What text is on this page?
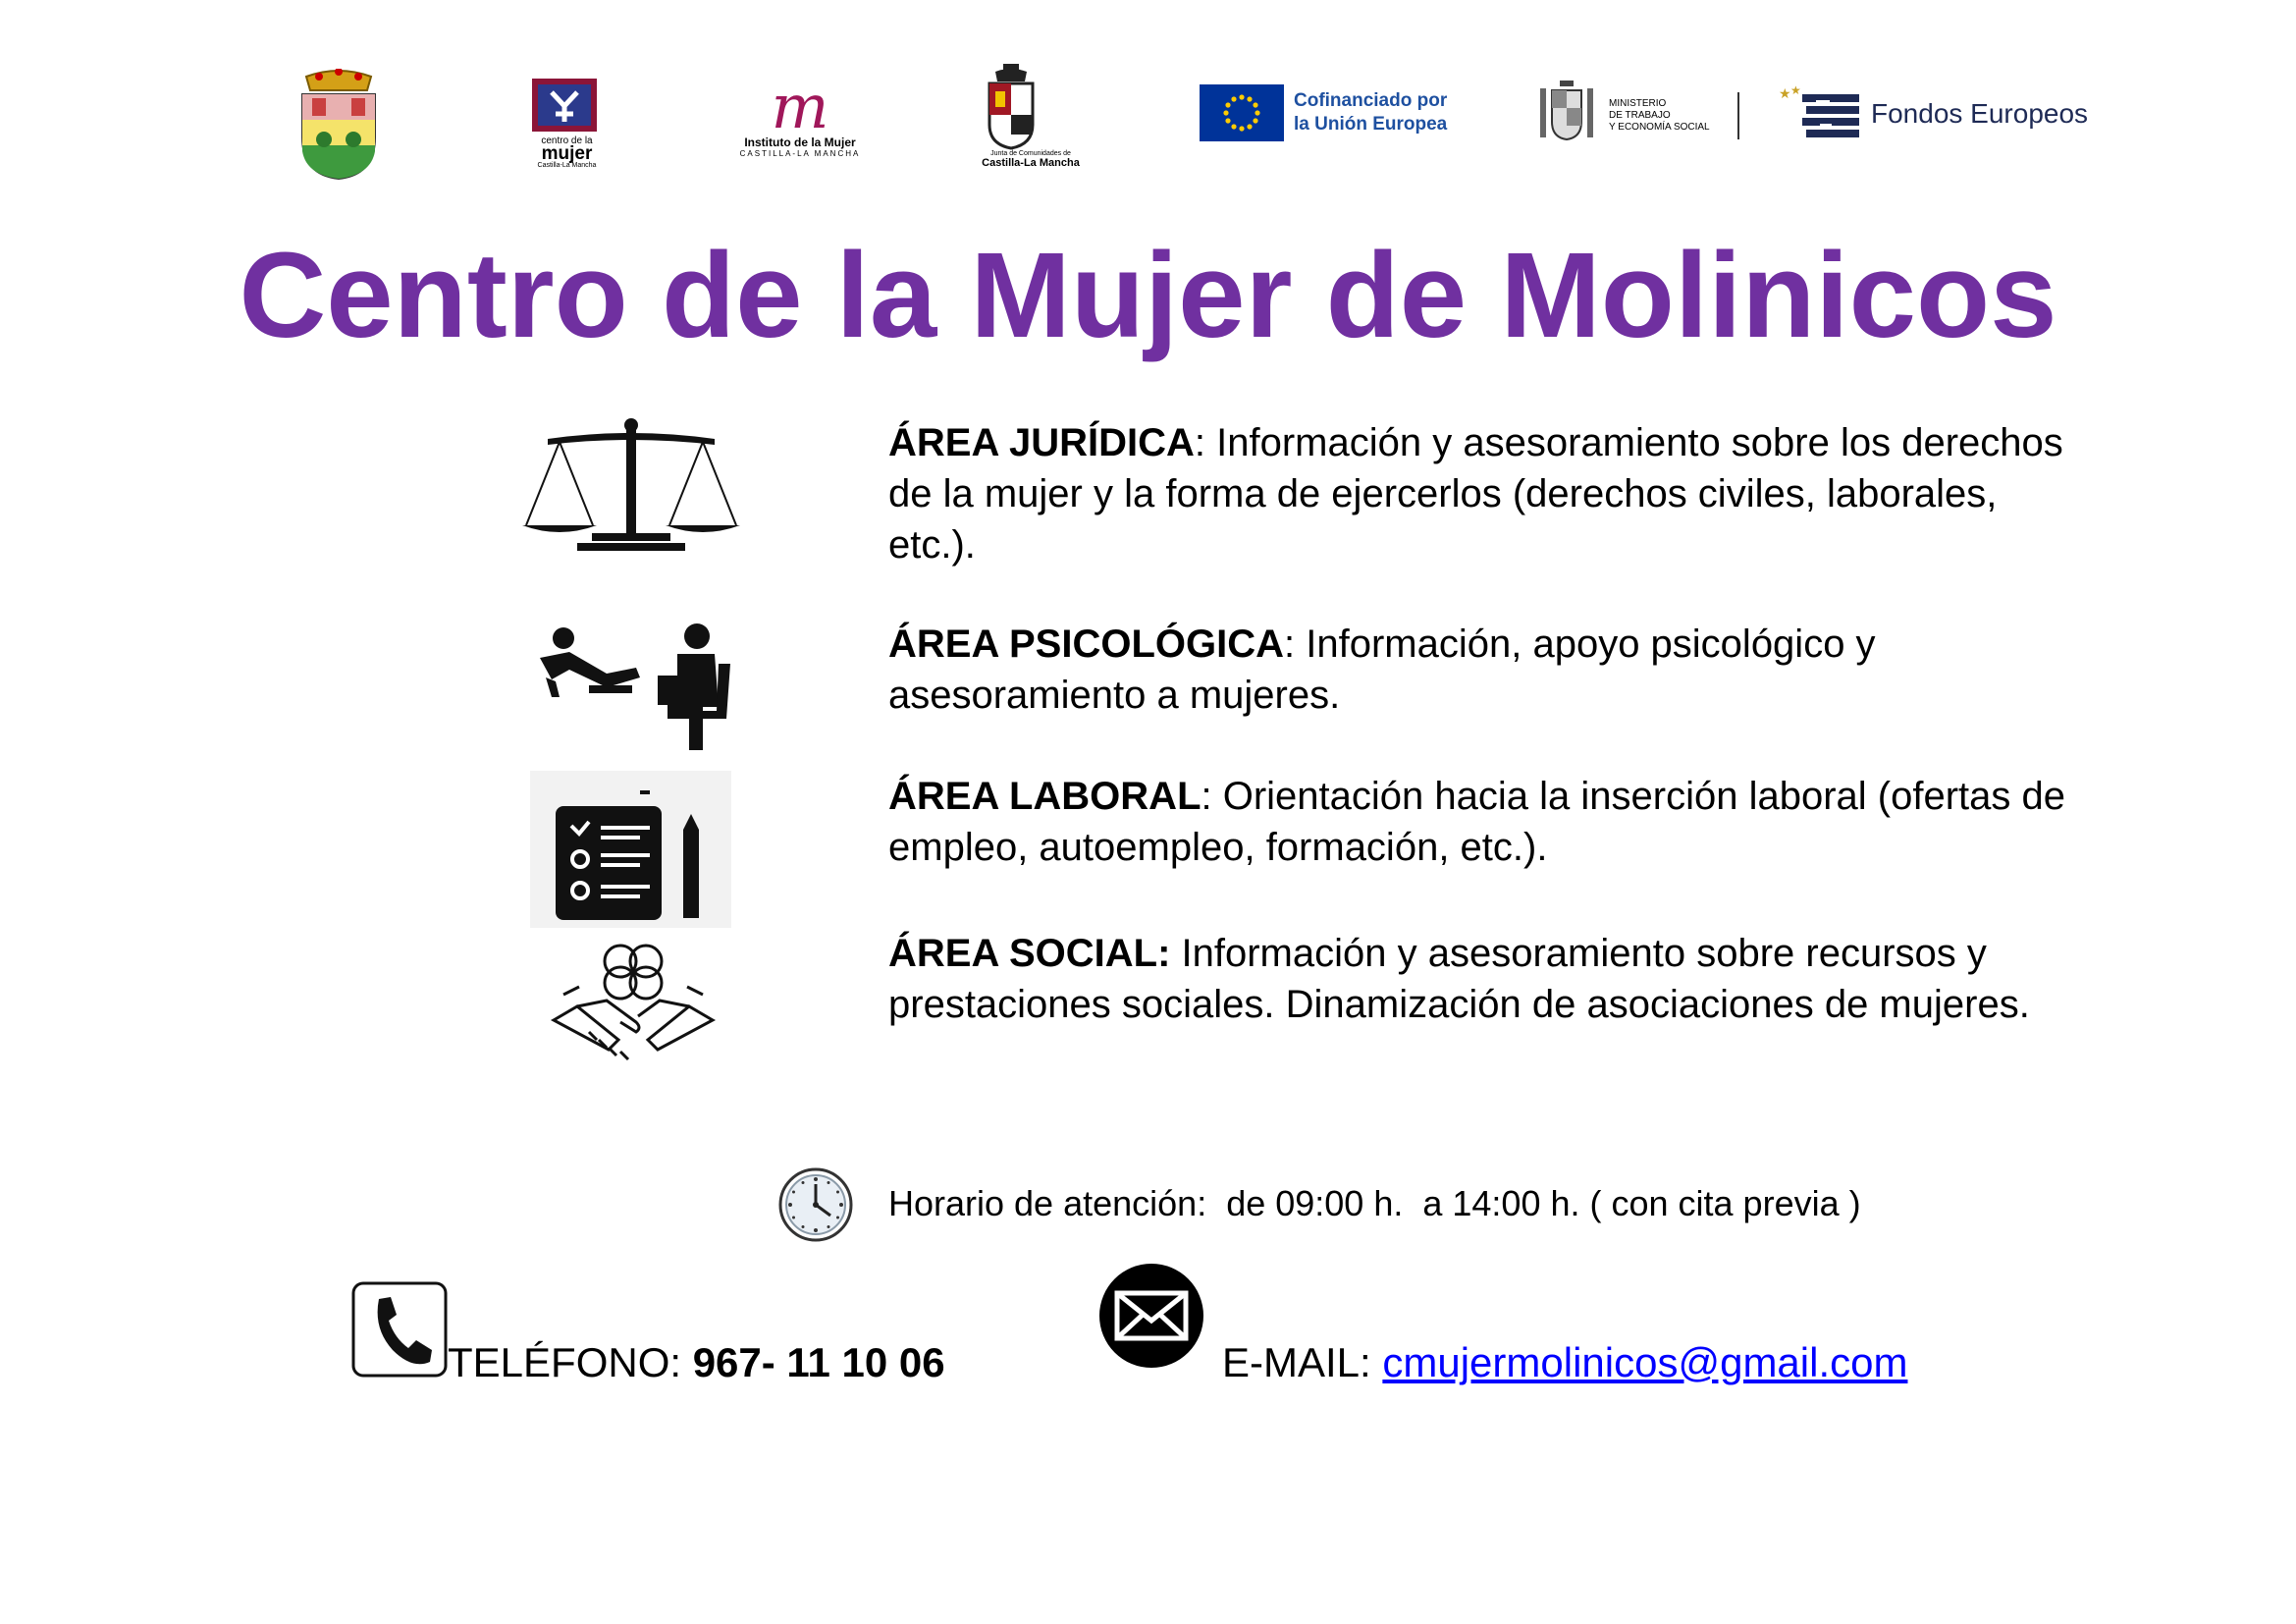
centro de la
mujer
Castilla-La Mancha
m
Instituto de la Mujer
CASTILLA-LA MANCHA	Junta de Comunidades de
Castilla-La Mancha
Cofinanciado por
la Unión Europea
MINISTERIO
DE TRABAJO
Y ECONOMÍA SOCIAL
★ ★
Fondos Europeos
Centro de la Mujer de Molinicos
ÁREA JURÍDICA: Información y asesoramiento sobre los derechos de la mujer y la forma de ejercerlos (derechos civiles, laborales, etc.).
ÁREA PSICOLÓGICA: Información, apoyo psicológico y asesoramiento a mujeres.
ÁREA LABORAL: Orientación hacia la inserción laboral (ofertas de empleo, autoempleo, formación, etc.).
ÁREA SOCIAL: Información y asesoramiento sobre recursos y prestaciones sociales. Dinamización de asociaciones de mujeres.
Horario de atención:  de 09:00 h.  a 14:00 h. ( con cita previa )
TELÉFONO: 967- 11 10 06	E-MAIL: cmujermolinicos@gmail.com
